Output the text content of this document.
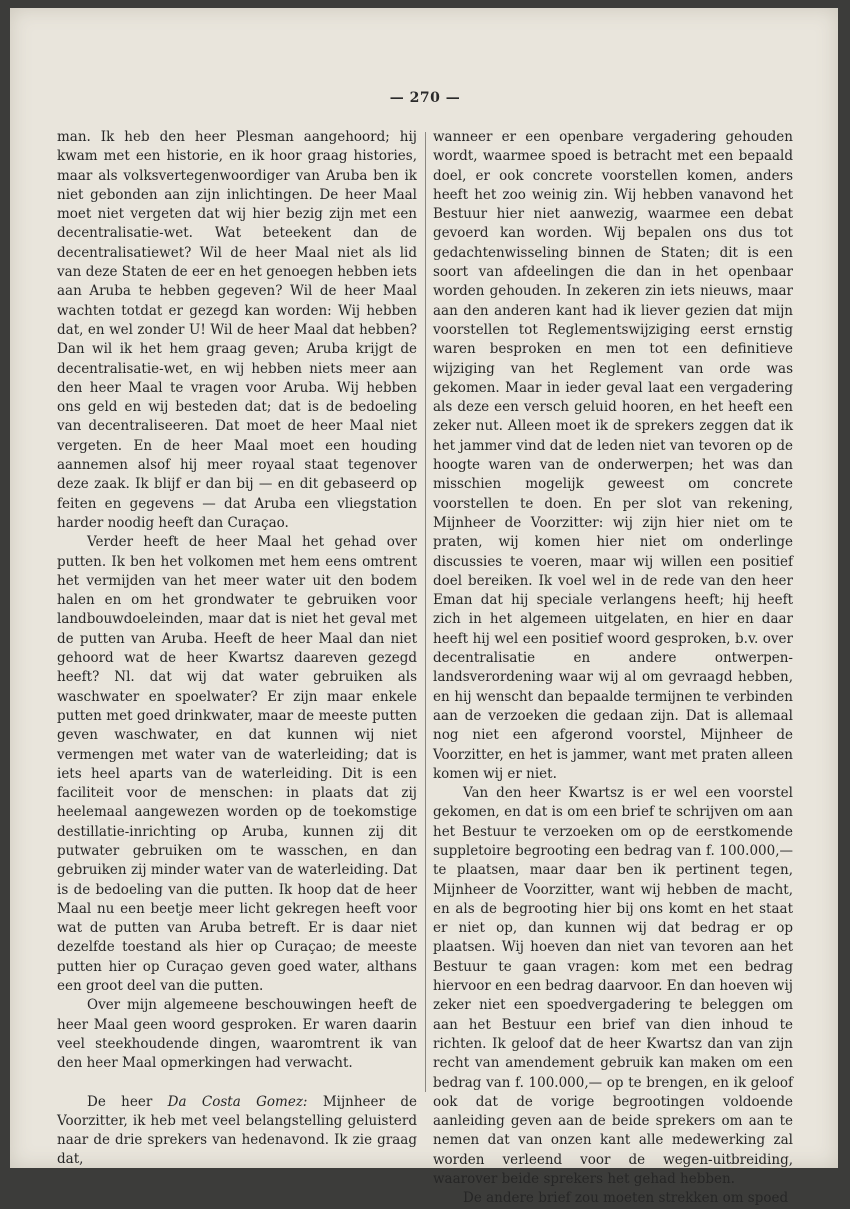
— 270 —

man. Ik heb den heer Plesman aangehoord; hij kwam met een historie, en ik hoor graag histories, maar als volksvertegenwoordiger van Aruba ben ik niet gebonden aan zijn inlichtingen. De heer Maal moet niet vergeten dat wij hier bezig zijn met een decentralisatie-wet. Wat beteekent dan de decentralisatiewet? Wil de heer Maal niet als lid van deze Staten de eer en het genoegen hebben iets aan Aruba te hebben gegeven? Wil de heer Maal wachten totdat er gezegd kan worden: Wij hebben dat, en wel zonder U! Wil de heer Maal dat hebben? Dan wil ik het hem graag geven; Aruba krijgt de decentralisatie-wet, en wij hebben niets meer aan den heer Maal te vragen voor Aruba. Wij hebben ons geld en wij besteden dat; dat is de bedoeling van decentraliseeren. Dat moet de heer Maal niet vergeten. En de heer Maal moet een houding aannemen alsof hij meer royaal staat tegenover deze zaak. Ik blijf er dan bij — en dit gebaseerd op feiten en gegevens — dat Aruba een vliegstation harder noodig heeft dan Curaçao.

Verder heeft de heer Maal het gehad over putten. Ik ben het volkomen met hem eens omtrent het vermijden van het meer water uit den bodem halen en om het grondwater te gebruiken voor landbouwdoeleinden, maar dat is niet het geval met de putten van Aruba. Heeft de heer Maal dan niet gehoord wat de heer Kwartsz daareven gezegd heeft? Nl. dat wij dat water gebruiken als waschwater en spoelwater? Er zijn maar enkele putten met goed drinkwater, maar de meeste putten geven waschwater, en dat kunnen wij niet vermengen met water van de waterleiding; dat is iets heel aparts van de waterleiding. Dit is een faciliteit voor de menschen: in plaats dat zij heelemaal aangewezen worden op de toekomstige destillatie-inrichting op Aruba, kunnen zij dit putwater gebruiken om te wasschen, en dan gebruiken zij minder water van de waterleiding. Dat is de bedoeling van die putten. Ik hoop dat de heer Maal nu een beetje meer licht gekregen heeft voor wat de putten van Aruba betreft. Er is daar niet dezelfde toestand als hier op Curaçao; de meeste putten hier op Curaçao geven goed water, althans een groot deel van die putten.

Over mijn algemeene beschouwingen heeft de heer Maal geen woord gesproken. Er waren daarin veel steekhoudende dingen, waaromtrent ik van den heer Maal opmerkingen had verwacht.

De heer Da Costa Gomez: Mijnheer de Voorzitter, ik heb met veel belangstelling geluisterd naar de drie sprekers van hedenavond. Ik zie graag dat,

wanneer er een openbare vergadering gehouden wordt, waarmee spoed is betracht met een bepaald doel, er ook concrete voorstellen komen, anders heeft het zoo weinig zin. Wij hebben vanavond het Bestuur hier niet aanwezig, waarmee een debat gevoerd kan worden. Wij bepalen ons dus tot gedachtenwisseling binnen de Staten; dit is een soort van afdeelingen die dan in het openbaar worden gehouden. In zekeren zin iets nieuws, maar aan den anderen kant had ik liever gezien dat mijn voorstellen tot Reglementswijziging eerst ernstig waren besproken en men tot een definitieve wijziging van het Reglement van orde was gekomen. Maar in ieder geval laat een vergadering als deze een versch geluid hooren, en het heeft een zeker nut. Alleen moet ik de sprekers zeggen dat ik het jammer vind dat de leden niet van tevoren op de hoogte waren van de onderwerpen; het was dan misschien mogelijk geweest om concrete voorstellen te doen. En per slot van rekening, Mijnheer de Voorzitter: wij zijn hier niet om te praten, wij komen hier niet om onderlinge discussies te voeren, maar wij willen een positief doel bereiken. Ik voel wel in de rede van den heer Eman dat hij speciale verlangens heeft; hij heeft zich in het algemeen uitgelaten, en hier en daar heeft hij wel een positief woord gesproken, b.v. over decentralisatie en andere ontwerpen-landsverordening waar wij al om gevraagd hebben, en hij wenscht dan bepaalde termijnen te verbinden aan de verzoeken die gedaan zijn. Dat is allemaal nog niet een afgerond voorstel, Mijnheer de Voorzitter, en het is jammer, want met praten alleen komen wij er niet.

Van den heer Kwartsz is er wel een voorstel gekomen, en dat is om een brief te schrijven om aan het Bestuur te verzoeken om op de eerstkomende suppletoire begrooting een bedrag van f. 100.000,— te plaatsen, maar daar ben ik pertinent tegen, Mijnheer de Voorzitter, want wij hebben de macht, en als de begrooting hier bij ons komt en het staat er niet op, dan kunnen wij dat bedrag er op plaatsen. Wij hoeven dan niet van tevoren aan het Bestuur te gaan vragen: kom met een bedrag hiervoor en een bedrag daarvoor. En dan hoeven wij zeker niet een spoedvergadering te beleggen om aan het Bestuur een brief van dien inhoud te richten. Ik geloof dat de heer Kwartsz dan van zijn recht van amendement gebruik kan maken om een bedrag van f. 100.000,— op te brengen, en ik geloof ook dat de vorige begrootingen voldoende aanleiding geven aan de beide sprekers om aan te nemen dat van onzen kant alle medewerking zal worden verleend voor de wegen-uitbreiding, waarover beide sprekers het gehad hebben.

De andere brief zou moeten strekken om spoed
